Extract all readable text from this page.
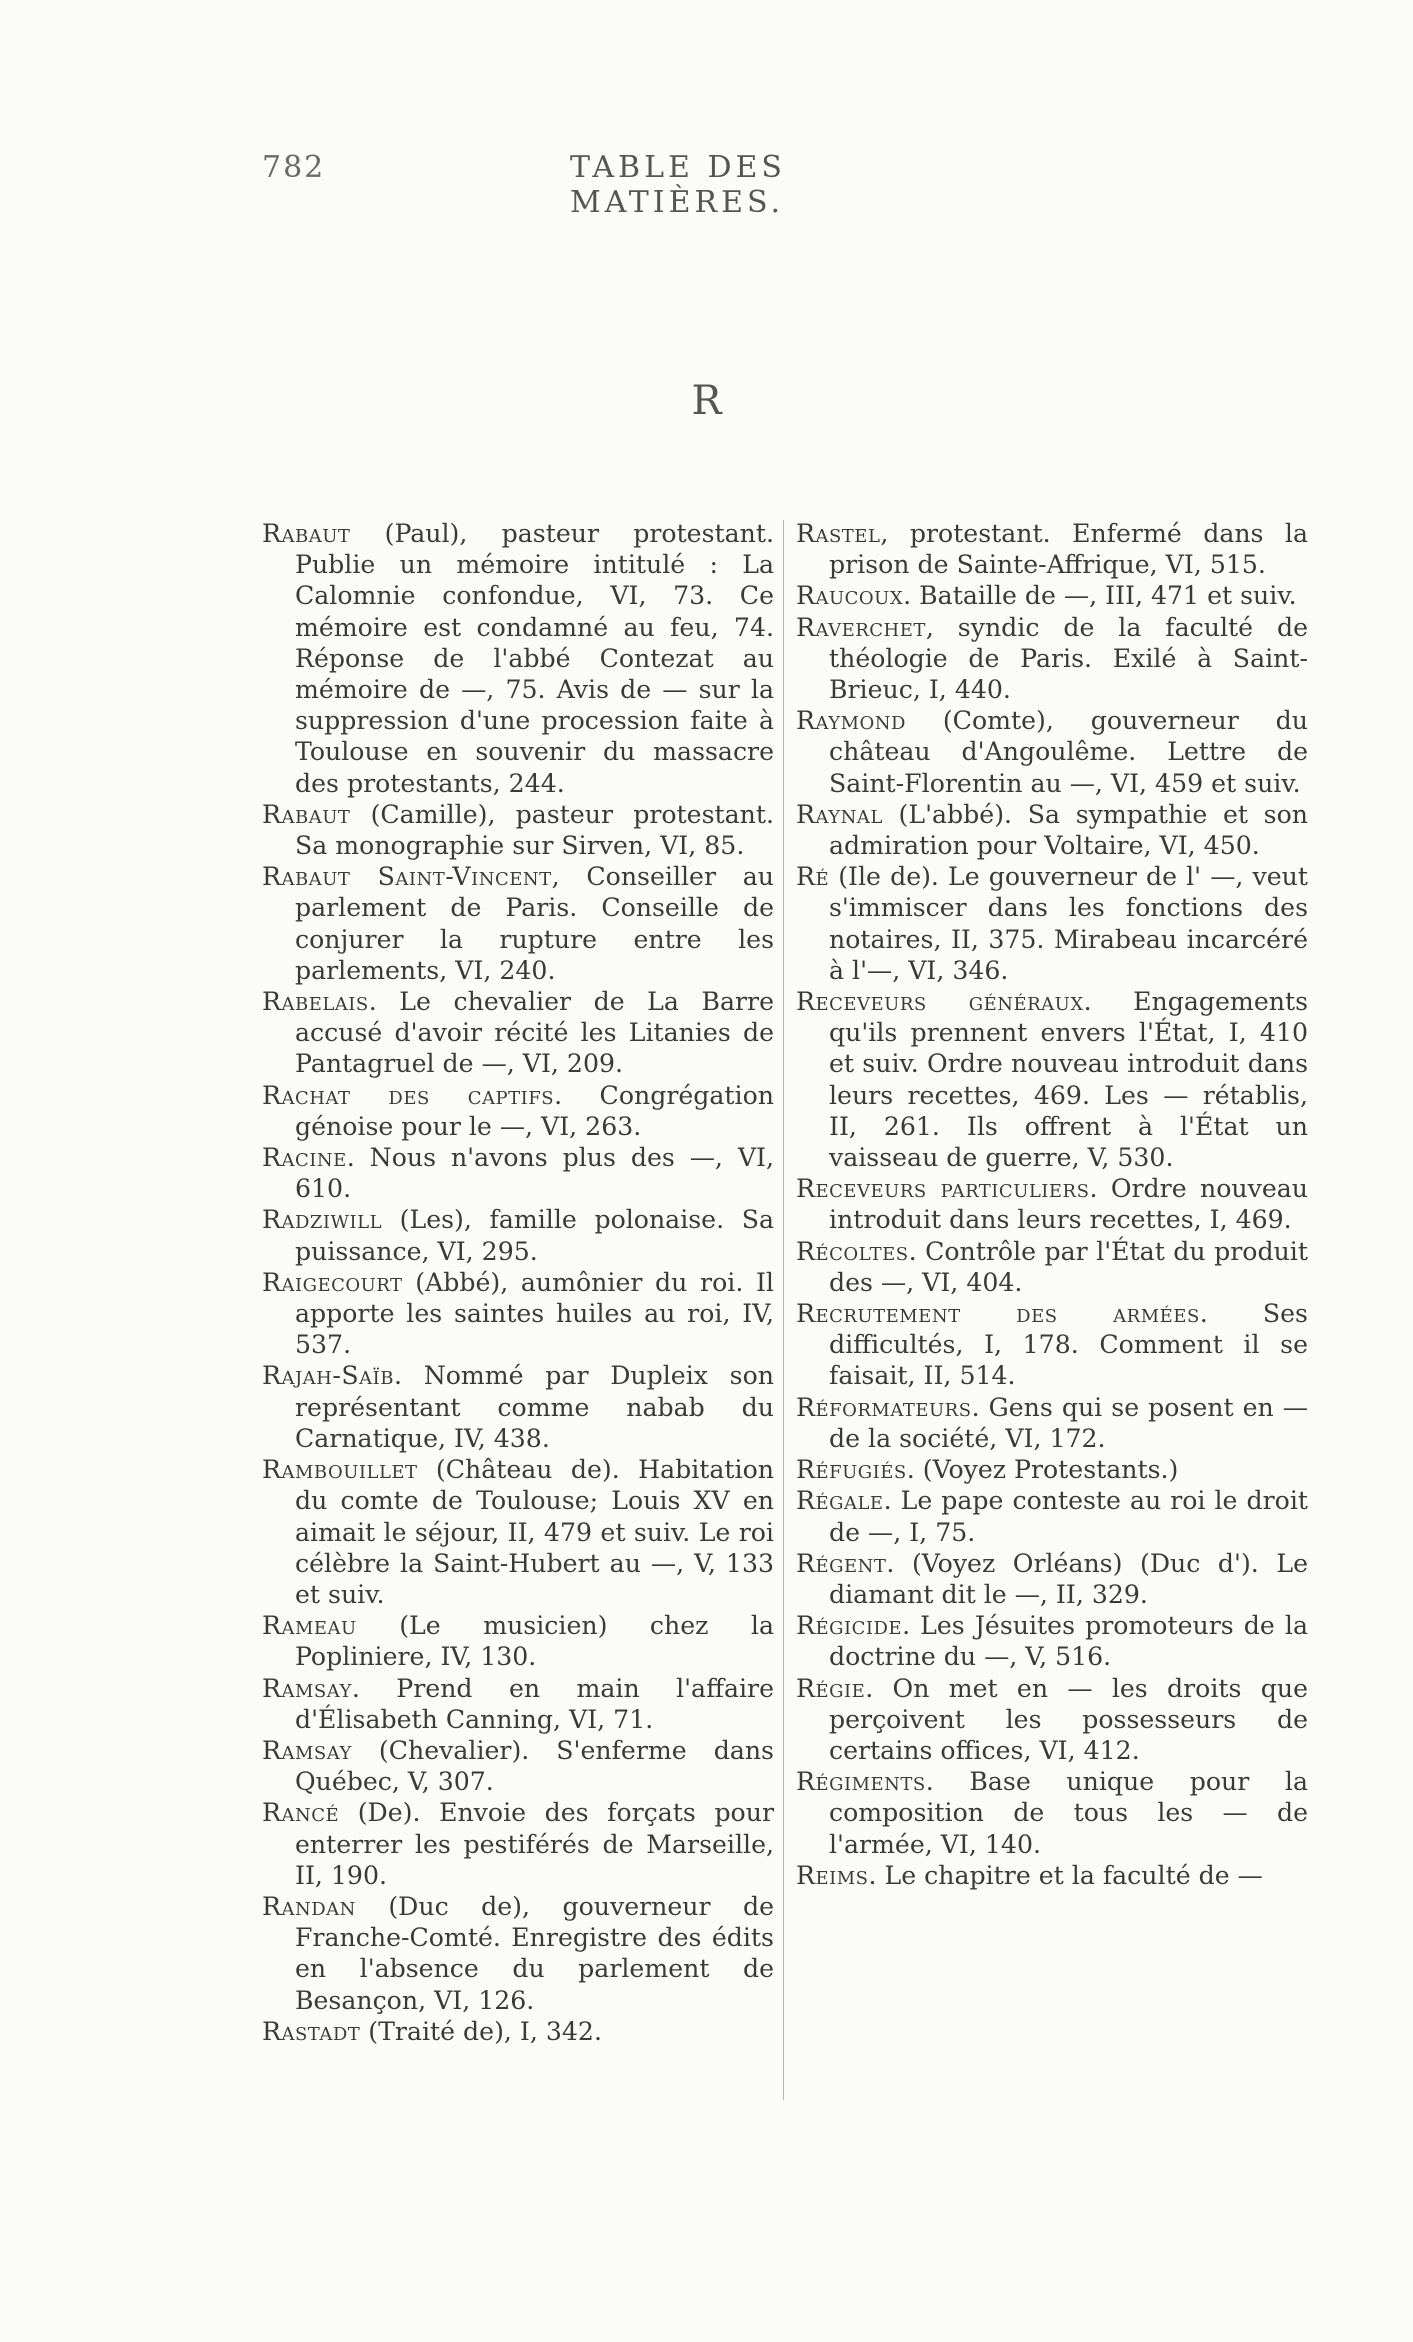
782	TABLE DES MATIÈRES.
R

Rabaut (Paul), pasteur protestant. Publie un mémoire intitulé : La Calomnie confondue, VI, 73. Ce mémoire est condamné au feu, 74. Réponse de l'abbé Contezat au mémoire de —, 75. Avis de — sur la suppression d'une procession faite à Toulouse en souvenir du massacre des protestants, 244.

Rabaut (Camille), pasteur protestant. Sa monographie sur Sirven, VI, 85.

Rabaut Saint-Vincent, Conseiller au parlement de Paris. Conseille de conjurer la rupture entre les parlements, VI, 240.

Rabelais. Le chevalier de La Barre accusé d'avoir récité les Litanies de Pantagruel de —, VI, 209.

Rachat des captifs. Congrégation génoise pour le —, VI, 263.

Racine. Nous n'avons plus des —, VI, 610.

Radziwill (Les), famille polonaise. Sa puissance, VI, 295.

Raigecourt (Abbé), aumônier du roi. Il apporte les saintes huiles au roi, IV, 537.

Rajah-Saïb. Nommé par Dupleix son représentant comme nabab du Carnatique, IV, 438.

Rambouillet (Château de). Habitation du comte de Toulouse; Louis XV en aimait le séjour, II, 479 et suiv. Le roi célèbre la Saint-Hubert au —, V, 133 et suiv.

Rameau (Le musicien) chez la Popliniere, IV, 130.

Ramsay. Prend en main l'affaire d'Élisabeth Canning, VI, 71.

Ramsay (Chevalier). S'enferme dans Québec, V, 307.

Rancé (De). Envoie des forçats pour enterrer les pestiférés de Marseille, II, 190.

Randan (Duc de), gouverneur de Franche-Comté. Enregistre des édits en l'absence du parlement de Besançon, VI, 126.

Rastadt (Traité de), I, 342.

Rastel, protestant. Enfermé dans la prison de Sainte-Affrique, VI, 515.

Raucoux. Bataille de —, III, 471 et suiv.

Raverchet, syndic de la faculté de théologie de Paris. Exilé à Saint-Brieuc, I, 440.

Raymond (Comte), gouverneur du château d'Angoulême. Lettre de Saint-Florentin au —, VI, 459 et suiv.

Raynal (L'abbé). Sa sympathie et son admiration pour Voltaire, VI, 450.

Ré (Ile de). Le gouverneur de l' —, veut s'immiscer dans les fonctions des notaires, II, 375. Mirabeau incarcéré à l'—, VI, 346.

Receveurs généraux. Engagements qu'ils prennent envers l'État, I, 410 et suiv. Ordre nouveau introduit dans leurs recettes, 469. Les — rétablis, II, 261. Ils offrent à l'État un vaisseau de guerre, V, 530.

Receveurs particuliers. Ordre nouveau introduit dans leurs recettes, I, 469.

Récoltes. Contrôle par l'État du produit des —, VI, 404.

Recrutement des armées. Ses difficultés, I, 178. Comment il se faisait, II, 514.

Réformateurs. Gens qui se posent en — de la société, VI, 172.

Réfugiés. (Voyez Protestants.)

Régale. Le pape conteste au roi le droit de —, I, 75.

Régent. (Voyez Orléans) (Duc d'). Le diamant dit le —, II, 329.

Régicide. Les Jésuites promoteurs de la doctrine du —, V, 516.

Régie. On met en — les droits que perçoivent les possesseurs de certains offices, VI, 412.

Régiments. Base unique pour la composition de tous les — de l'armée, VI, 140.

Reims. Le chapitre et la faculté de —
